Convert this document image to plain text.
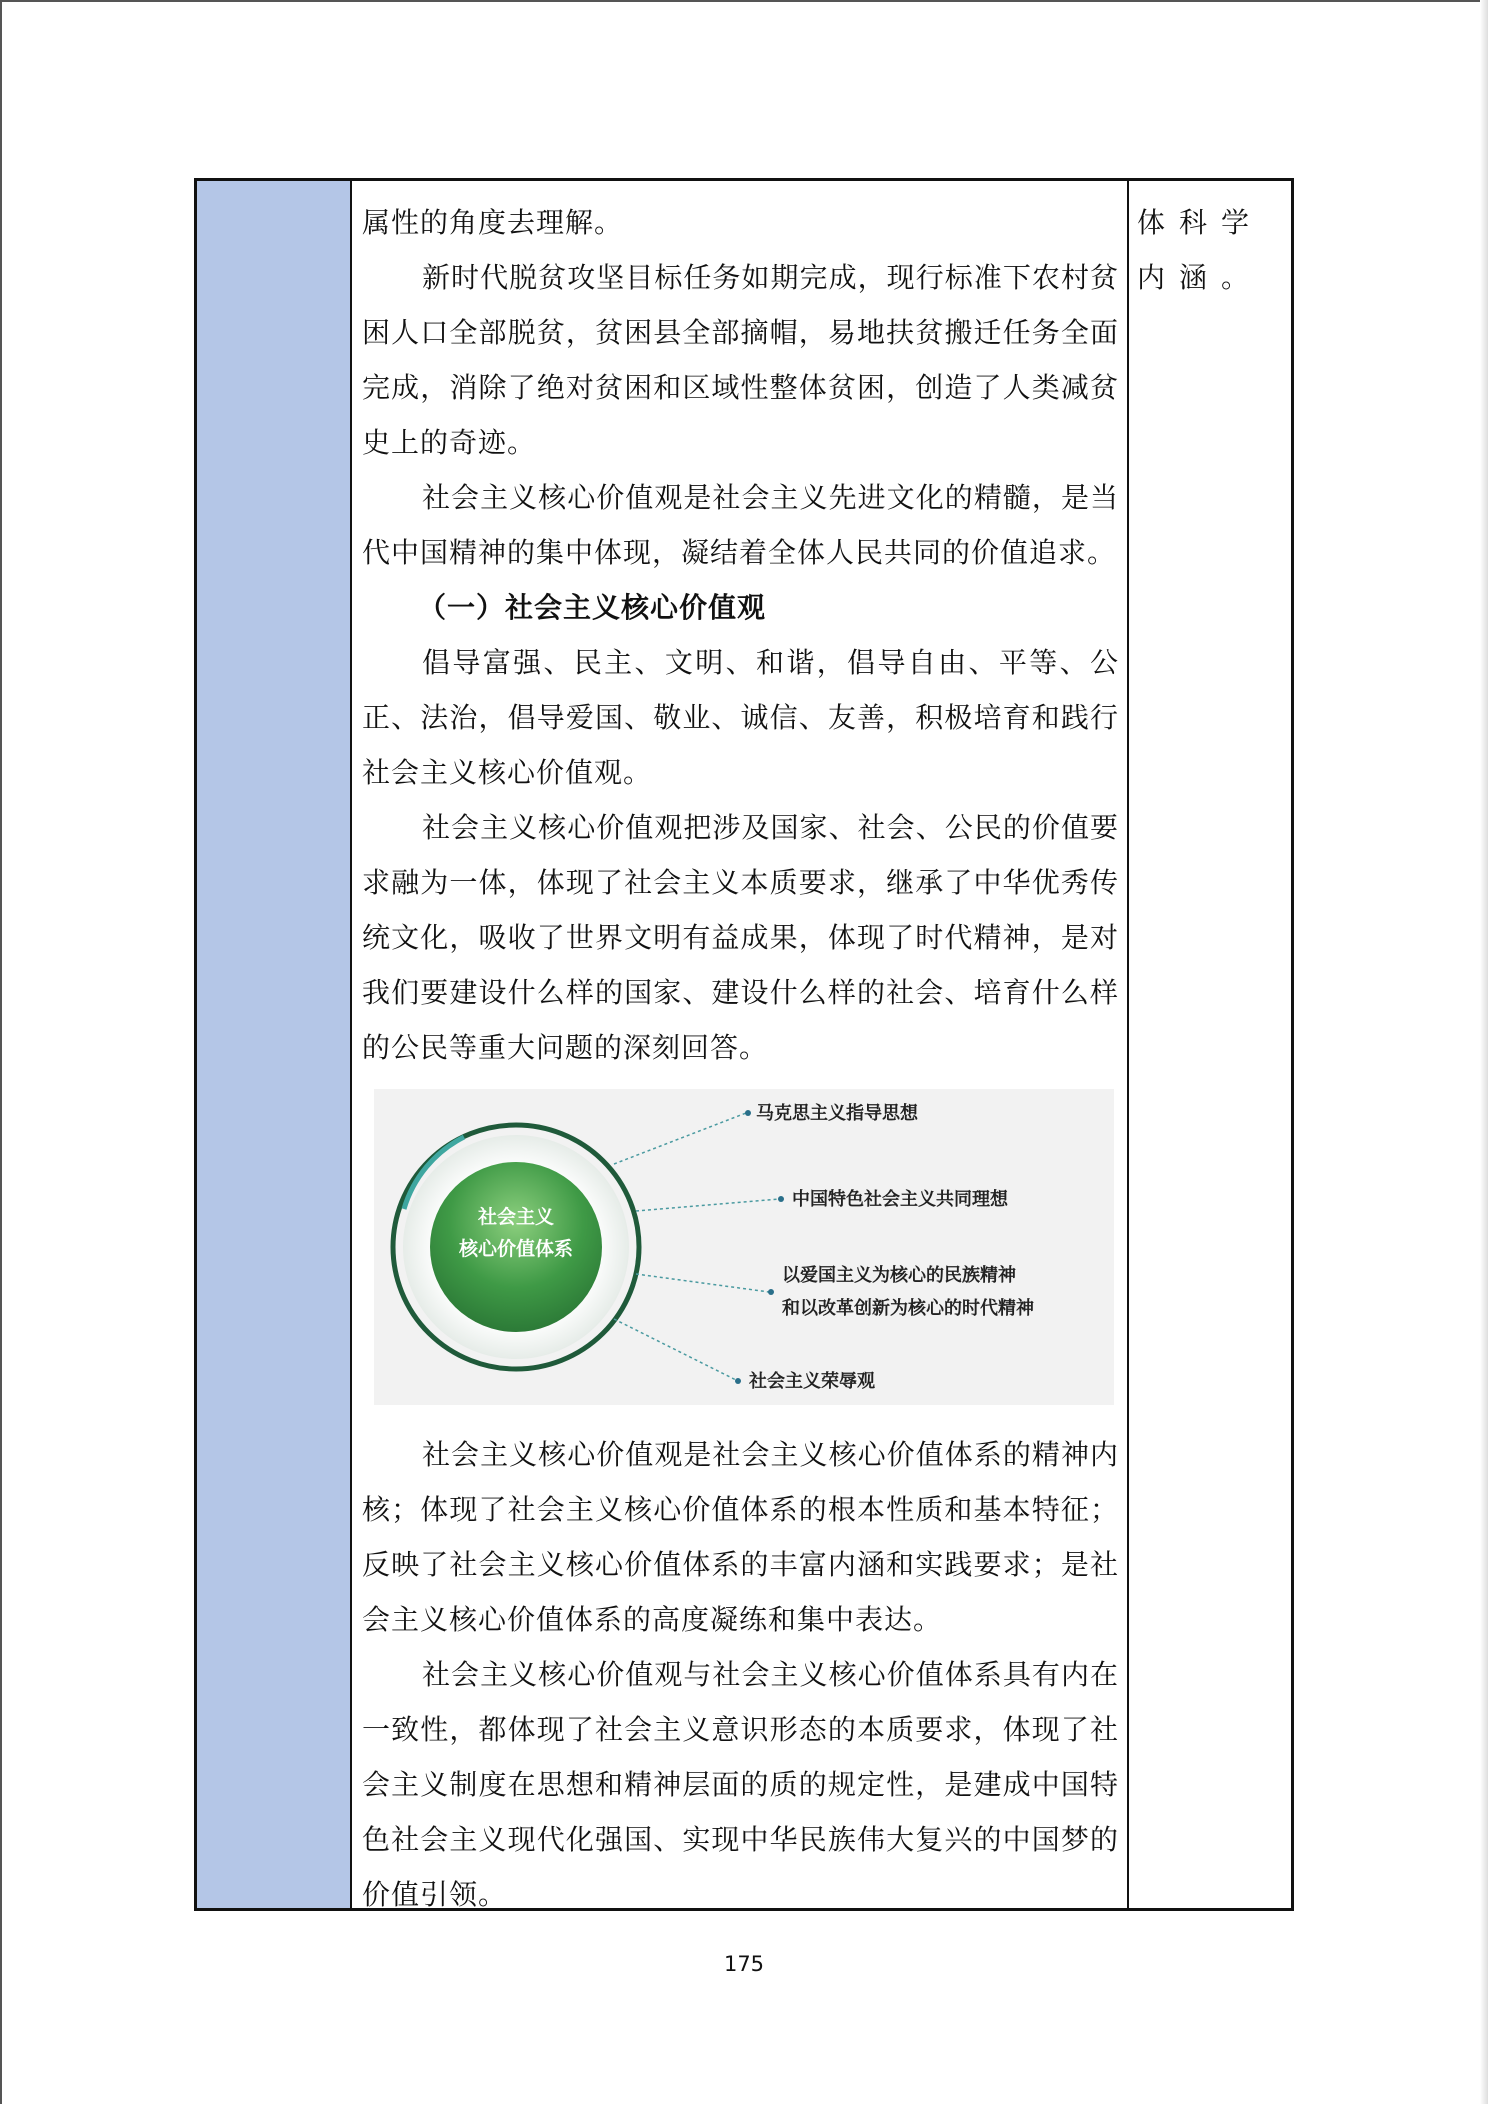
属性的角度去理解。

新时代脱贫攻坚目标任务如期完成，现行标准下农村贫困人口全部脱贫，贫困县全部摘帽，易地扶贫搬迁任务全面完成，消除了绝对贫困和区域性整体贫困，创造了人类减贫史上的奇迹。

社会主义核心价值观是社会主义先进文化的精髓，是当代中国精神的集中体现，凝结着全体人民共同的价值追求。

（一）社会主义核心价值观

倡导富强、民主、文明、和谐，倡导自由、平等、公正、法治，倡导爱国、敬业、诚信、友善，积极培育和践行社会主义核心价值观。

社会主义核心价值观把涉及国家、社会、公民的价值要求融为一体，体现了社会主义本质要求，继承了中华优秀传统文化，吸收了世界文明有益成果，体现了时代精神，是对我们要建设什么样的国家、建设什么样的社会、培育什么样的公民等重大问题的深刻回答。

社会主义
核心价值体系
马克思主义指导思想
中国特色社会主义共同理想
以爱国主义为核心的民族精神
和以改革创新为核心的时代精神
社会主义荣辱观

社会主义核心价值观是社会主义核心价值体系的精神内核；体现了社会主义核心价值体系的根本性质和基本特征；反映了社会主义核心价值体系的丰富内涵和实践要求；是社会主义核心价值体系的高度凝练和集中表达。

社会主义核心价值观与社会主义核心价值体系具有内在一致性，都体现了社会主义意识形态的本质要求，体现了社会主义制度在思想和精神层面的质的规定性，是建成中国特色社会主义现代化强国、实现中华民族伟大复兴的中国梦的价值引领。

体科学内涵。
175
